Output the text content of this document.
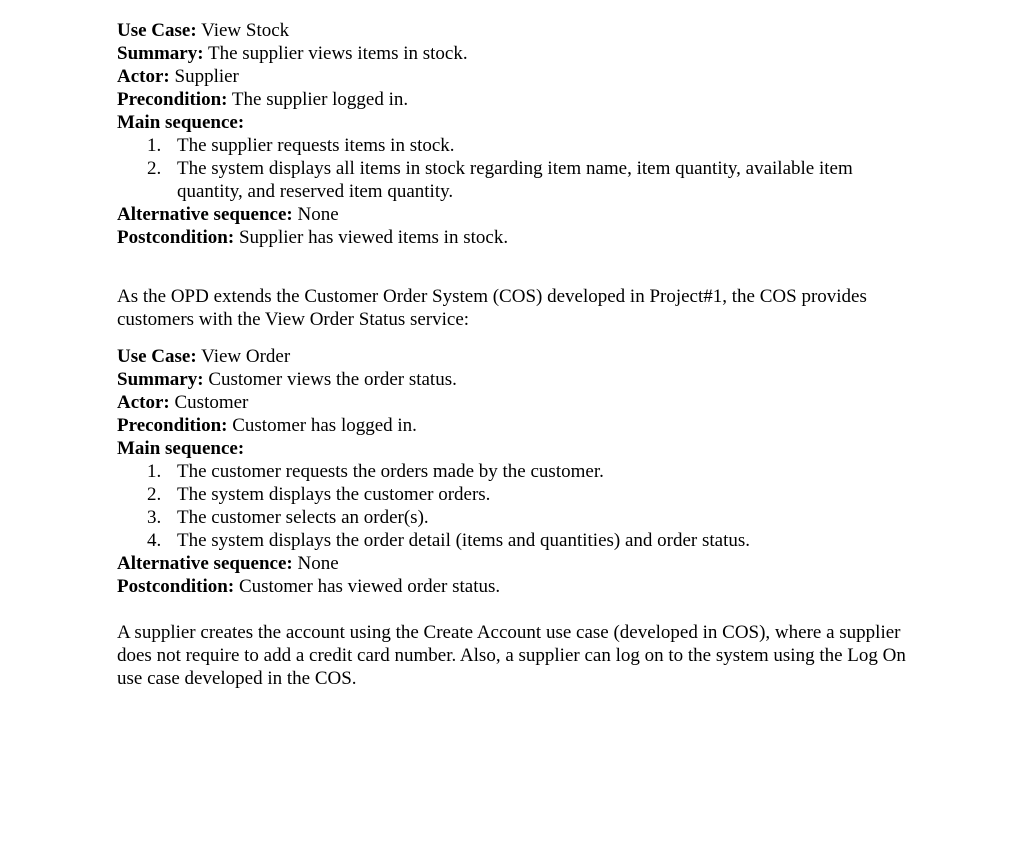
Use Case: View Stock

Summary: The supplier views items in stock.

Actor: Supplier

Precondition: The supplier logged in.

Main sequence:

1. The supplier requests items in stock.
2. The system displays all items in stock regarding item name, item quantity, available item quantity, and reserved item quantity.

Alternative sequence: None

Postcondition: Supplier has viewed items in stock.

As the OPD extends the Customer Order System (COS) developed in Project#1, the COS provides customers with the View Order Status service:

Use Case: View Order

Summary: Customer views the order status.

Actor: Customer

Precondition: Customer has logged in.

Main sequence:

1. The customer requests the orders made by the customer.
2. The system displays the customer orders.
3. The customer selects an order(s).
4. The system displays the order detail (items and quantities) and order status.

Alternative sequence: None

Postcondition: Customer has viewed order status.

A supplier creates the account using the Create Account use case (developed in COS), where a supplier does not require to add a credit card number. Also, a supplier can log on to the system using the Log On use case developed in the COS.
